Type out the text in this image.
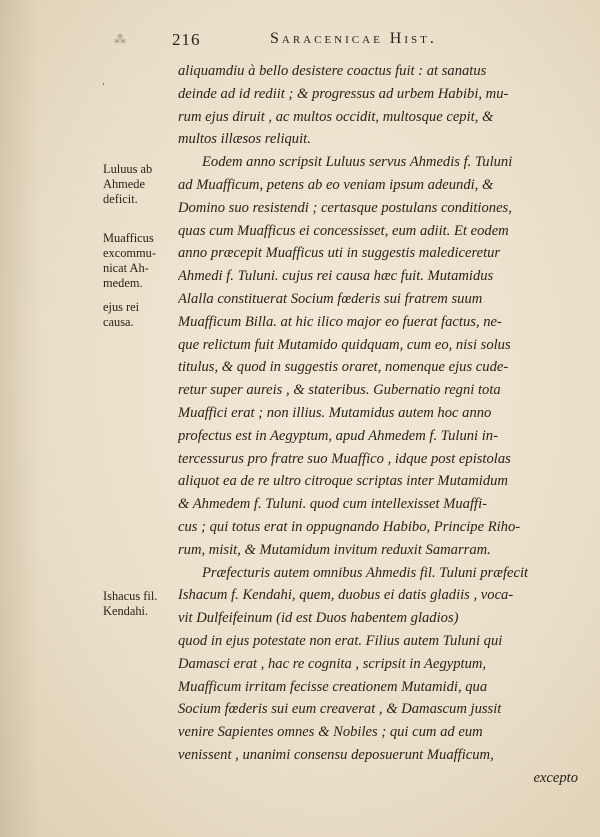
⁂
,
216	Saracenicae Hist.
Luluus ab
Ahmede
deficit.
Muafficus
excommu-
nicat Ah-
medem.
ejus rei
causa.
Ishacus fil.
Kendahi.
aliquamdiu à bello desistere coactus fuit : at sanatus
deinde ad id rediit ; & progressus ad urbem Habibi, mu-
rum ejus diruit , ac multos occidit, multosque cepit, &
multos illæsos reliquit.
Eodem anno scripsit Luluus servus Ahmedis f. Tuluni
ad Muafficum, petens ab eo veniam ipsum adeundi, &
Domino suo resistendi ; certasque postulans conditiones,
quas cum Muafficus ei concessisset, eum adiit. Et eodem
anno præcepit Muafficus uti in suggestis malediceretur
Ahmedi f. Tuluni. cujus rei causa hæc fuit. Mutamidus
Alalla constituerat Socium fœderis sui fratrem suum
Muafficum Billa. at hic ilico major eo fuerat factus, ne-
que relictum fuit Mutamido quidquam, cum eo, nisi solus
titulus, & quod in suggestis oraret, nomenque ejus cude-
retur super aureis , & stateribus. Gubernatio regni tota
Muaffici erat ; non illius. Mutamidus autem hoc anno
profectus est in Aegyptum, apud Ahmedem f. Tuluni in-
tercessurus pro fratre suo Muaffico , idque post epistolas
aliquot ea de re ultro citroque scriptas inter Mutamidum
& Ahmedem f. Tuluni. quod cum intellexisset Muaffi-
cus ; qui totus erat in oppugnando Habibo, Principe Riho-
rum, misit, & Mutamidum invitum reduxit Samarram.
Præfecturis autem omnibus Ahmedis fil. Tuluni præfecit
Ishacum f. Kendahi, quem, duobus ei datis gladiis , voca-
vit Dulfeifeinum (id est Duos habentem gladios)
quod in ejus potestate non erat. Filius autem Tuluni qui
Damasci erat , hac re cognita , scripsit in Aegyptum,
Muafficum irritam fecisse creationem Mutamidi, qua
Socium fœderis sui eum creaverat , & Damascum jussit
venire Sapientes omnes & Nobiles ; qui cum ad eum
venissent , unanimi consensu deposuerunt Muafficum,
excepto
